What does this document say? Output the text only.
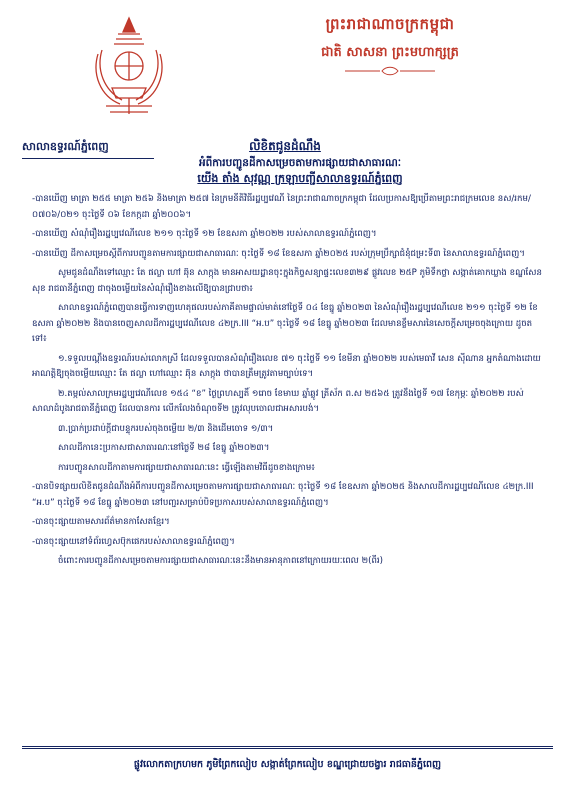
ព្រះរាជាណាចក្រកម្ពុជា
ជាតិ សាសនា ព្រះមហាក្សត្រ
សាលាឧទ្ធរណ៍ភ្នំពេញ	លិខិតជូនដំណឹង
អំពីការបញ្ជូនដីកាសម្រេចតាមការផ្សាយជាសាធារណៈ
យើង តាំង សុវណ្ណ ក្រឡាបញ្ជីសាលាឧទ្ធរណ៍ភ្នំពេញ

-បានឃើញ មាត្រា ២៥៥ មាត្រា ២៥៦ និងមាត្រា ២៥៧ នៃក្រមនីតិវិធីរដ្ឋប្បវេណី នៃព្រះរាជាណាចក្រកម្ពុជា ដែលប្រកាសឱ្យប្រើតាមព្រះរាជក្រមលេខ នស/រកម/០៧០៦/០២១ ចុះថ្ងៃទី ០៦ ខែកក្កដា ឆ្នាំ២០០៦។

-បានឃើញ សំណុំរឿងរដ្ឋប្បវេណីលេខ ២១១ ចុះថ្ងៃទី ១២ ខែឧសភា ឆ្នាំ២០២២ របស់សាលាឧទ្ធរណ៍ភ្នំពេញ។

-បានឃើញ ដីកាសម្រេចស្តីពីការបញ្ជូនតាមការផ្សាយជាសាធារណៈ ចុះថ្ងៃទី ១៨ ខែឧសភា ឆ្នាំ២០២៥ របស់ក្រុមប្រឹក្សាជំនុំជម្រះទី៣ នៃសាលាឧទ្ធរណ៍ភ្នំពេញ។

សូមជូនដំណឹងទៅឈ្មោះ តែ ផល្លា ហៅ ឆ៊ុន សាក្កុង មានអាសយដ្ឋានចុះក្នុងកិច្ចសន្យាផ្ទះលេខ៣២៩ ផ្លូវលេខ ២៥P ភូមិទឹកថ្លា សង្កាត់គោកឃ្លាង ខណ្ឌសែនសុខ រាជធានីភ្នំពេញ ជាចុងចម្លើយនៃសំណុំរឿងខាងលើឱ្យបានជ្រាបថា៖

សាលាឧទ្ធរណ៍ភ្នំពេញបានធ្វើការទាញហេតុផលរបស់ភាគីតាមផ្ទាល់មាត់នៅថ្ងៃទី ០៤ ខែធ្នូ ឆ្នាំ២០២៣ នៃសំណុំរឿងរដ្ឋប្បវេណីលេខ ២១១ ចុះថ្ងៃទី ១២ ខែឧសភា ឆ្នាំ២០២២ និងបានចេញសាលដីការដ្ឋប្បវេណីលេខ ៤២ក្រ.III “អ.ប” ចុះថ្ងៃទី ១៨ ខែធ្នូ ឆ្នាំ២០២៣ ដែលមានខ្លឹមសារនៃសេចក្តីសម្រេចចុងក្រោយ ដូចតទៅ៖

១.ទទួលបណ្តឹងឧទ្ធរណ៍របស់លោកស្រី ដែលទទួលបានសំណុំរឿងលេខ ៧១ ចុះថ្ងៃទី ១១ ខែមីនា ឆ្នាំ២០២២ របស់មេធាវី សេន ស៊ីណាន អ្នកតំណាងដោយអាណត្តិឱ្យចុងចម្លើយឈ្មោះ តែ ផល្លា ហៅឈ្មោះ ឆ៊ុន សាក្កុង ថាបានត្រឹមត្រូវតាមច្បាប់ទេ។

២.តម្កល់សាលក្រមរដ្ឋប្បវេណីលេខ ១៥៤ “ខ” ថ្ងៃព្រហស្បតិ៍ ១រោច ខែមាឃ ឆ្នាំឆ្លូវ ត្រីស័ក ព.ស ២៥៦៥ ត្រូវនឹងថ្ងៃទី ១៧ ខែកុម្ភៈ ឆ្នាំ២០២២ របស់សាលាដំបូងរាជធានីភ្នំពេញ ដែលបានការ លើកលែងចំណុចទី២ ត្រូវលុបចោលជាអសារបង់។

៣.ប្រាក់ប្រដាប់ក្តីជាបន្ទុករបស់ចុងចម្លើយ ២/៣ និងដើមចោទ ១/៣។

សាលដីកានេះប្រកាសជាសាធារណៈនៅថ្ងៃទី ២៨ ខែធ្នូ ឆ្នាំ២០២៣។

ការបញ្ជូនសាលដីកាតាមការផ្សាយជាសាធារណៈនេះ ធ្វើឡើងតាមវិធីដូចខាងក្រោម៖

-បានបិទផ្សាយលិខិតជូនដំណឹងអំពីការបញ្ជូនដីកាសម្រេចតាមការផ្សាយជាសាធារណៈ ចុះថ្ងៃទី ១៨ ខែឧសភា ឆ្នាំ២០២៥ និងសាលដីការដ្ឋប្បវេណីលេខ ៤២ក្រ.III “អ.ប” ចុះថ្ងៃទី ១៨ ខែធ្នូ ឆ្នាំ២០២៣ នៅបញ្ជរសម្រាប់បិទប្រកាសរបស់សាលាឧទ្ធរណ៍ភ្នំពេញ។

-បានចុះផ្សាយតាមសារព័ត៌មានកាសែតខ្មែរ។

-បានចុះផ្សាយនៅទំព័រហ្វេសប៊ុកផេករបស់សាលាឧទ្ធរណ៍ភ្នំពេញ។

ចំពោះការបញ្ជូនដីកាសម្រេចតាមការផ្សាយជាសាធារណៈនេះនឹងមានអានុភាពនៅក្រោយរយៈពេល ២(ពីរ)

ផ្លូវលោកតាក្រហមក ភូមិព្រែកលៀប សង្កាត់ព្រែកលៀប ខណ្ឌជ្រោយចង្វារ រាជធានីភ្នំពេញ
